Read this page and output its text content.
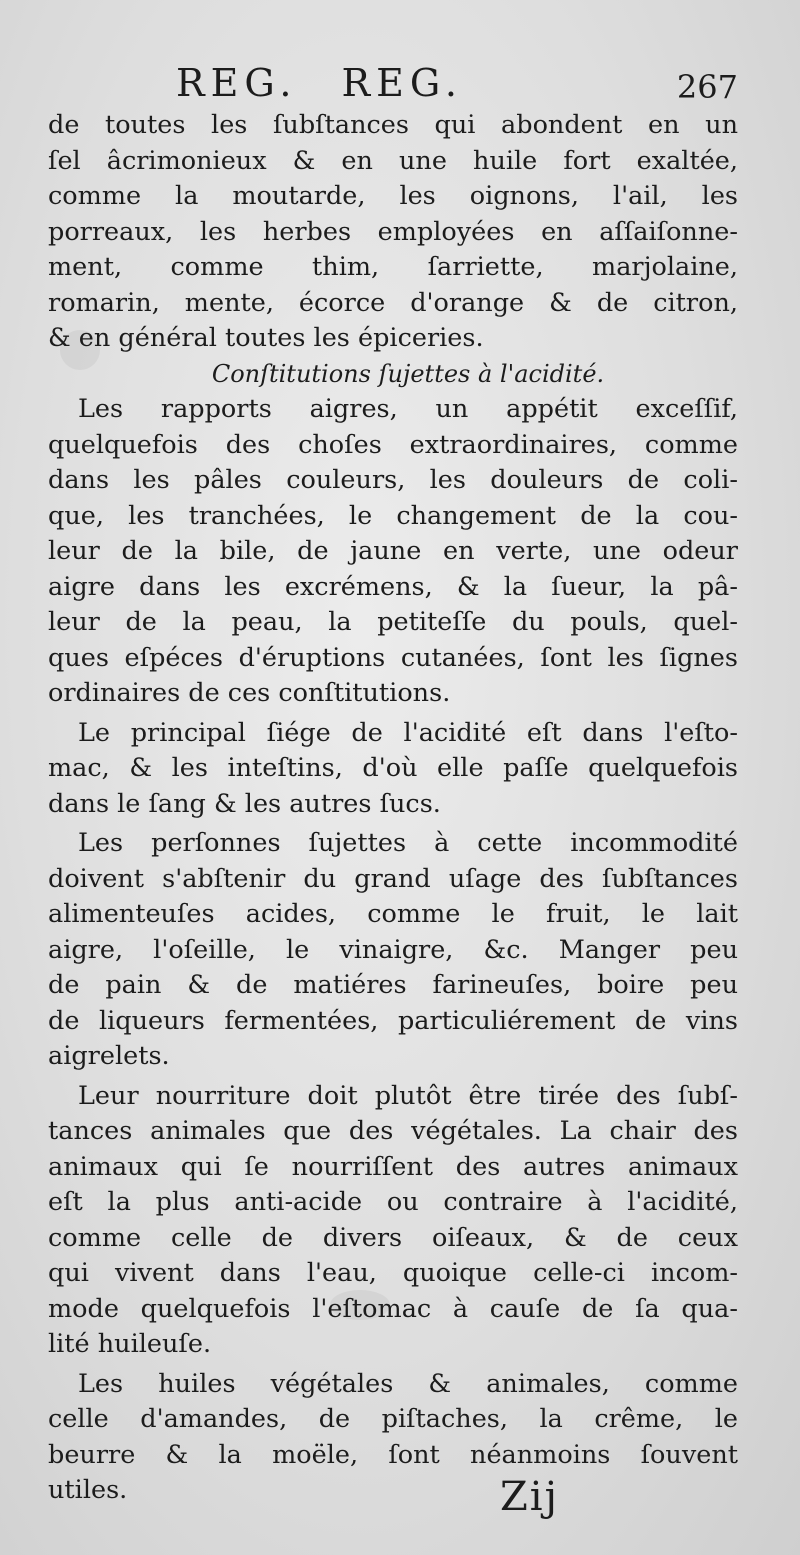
REG. REG.	267
de toutes les ſubſtances qui abondent en un
ſel âcrimonieux & en une huile fort exaltée,
comme la moutarde, les oignons, l'ail, les
porreaux, les herbes employées en aſſaiſonne-
ment, comme thim, ſarriette, marjolaine,
romarin, mente, écorce d'orange & de citron,
& en général toutes les épiceries.
Conſtitutions ſujettes à l'acidité.
Les rapports aigres, un appétit exceſſif,
quelquefois des choſes extraordinaires, comme
dans les pâles couleurs, les douleurs de coli-
que, les tranchées, le changement de la cou-
leur de la bile, de jaune en verte, une odeur
aigre dans les excrémens, & la ſueur, la pâ-
leur de la peau, la petiteſſe du pouls, quel-
ques eſpéces d'éruptions cutanées, ſont les ſignes
ordinaires de ces conſtitutions.
Le principal ſiége de l'acidité eſt dans l'eſto-
mac, & les inteſtins, d'où elle paſſe quelquefois
dans le ſang & les autres ſucs.
Les perſonnes ſujettes à cette incommodité
doivent s'abſtenir du grand uſage des ſubſtances
alimenteuſes acides, comme le fruit, le lait
aigre, l'oſeille, le vinaigre, &c. Manger peu
de pain & de matiéres farineuſes, boire peu
de liqueurs fermentées, particuliérement de vins
aigrelets.
Leur nourriture doit plutôt être tirée des ſubſ-
tances animales que des végétales. La chair des
animaux qui ſe nourriſſent des autres animaux
eſt la plus anti-acide ou contraire à l'acidité,
comme celle de divers oiſeaux, & de ceux
qui vivent dans l'eau, quoique celle-ci incom-
mode quelquefois l'eſtomac à cauſe de ſa qua-
lité huileuſe.
Les huiles végétales & animales, comme
celle d'amandes, de piſtaches, la crême, le
beurre & la moële, ſont néanmoins ſouvent
utiles.	Zij
